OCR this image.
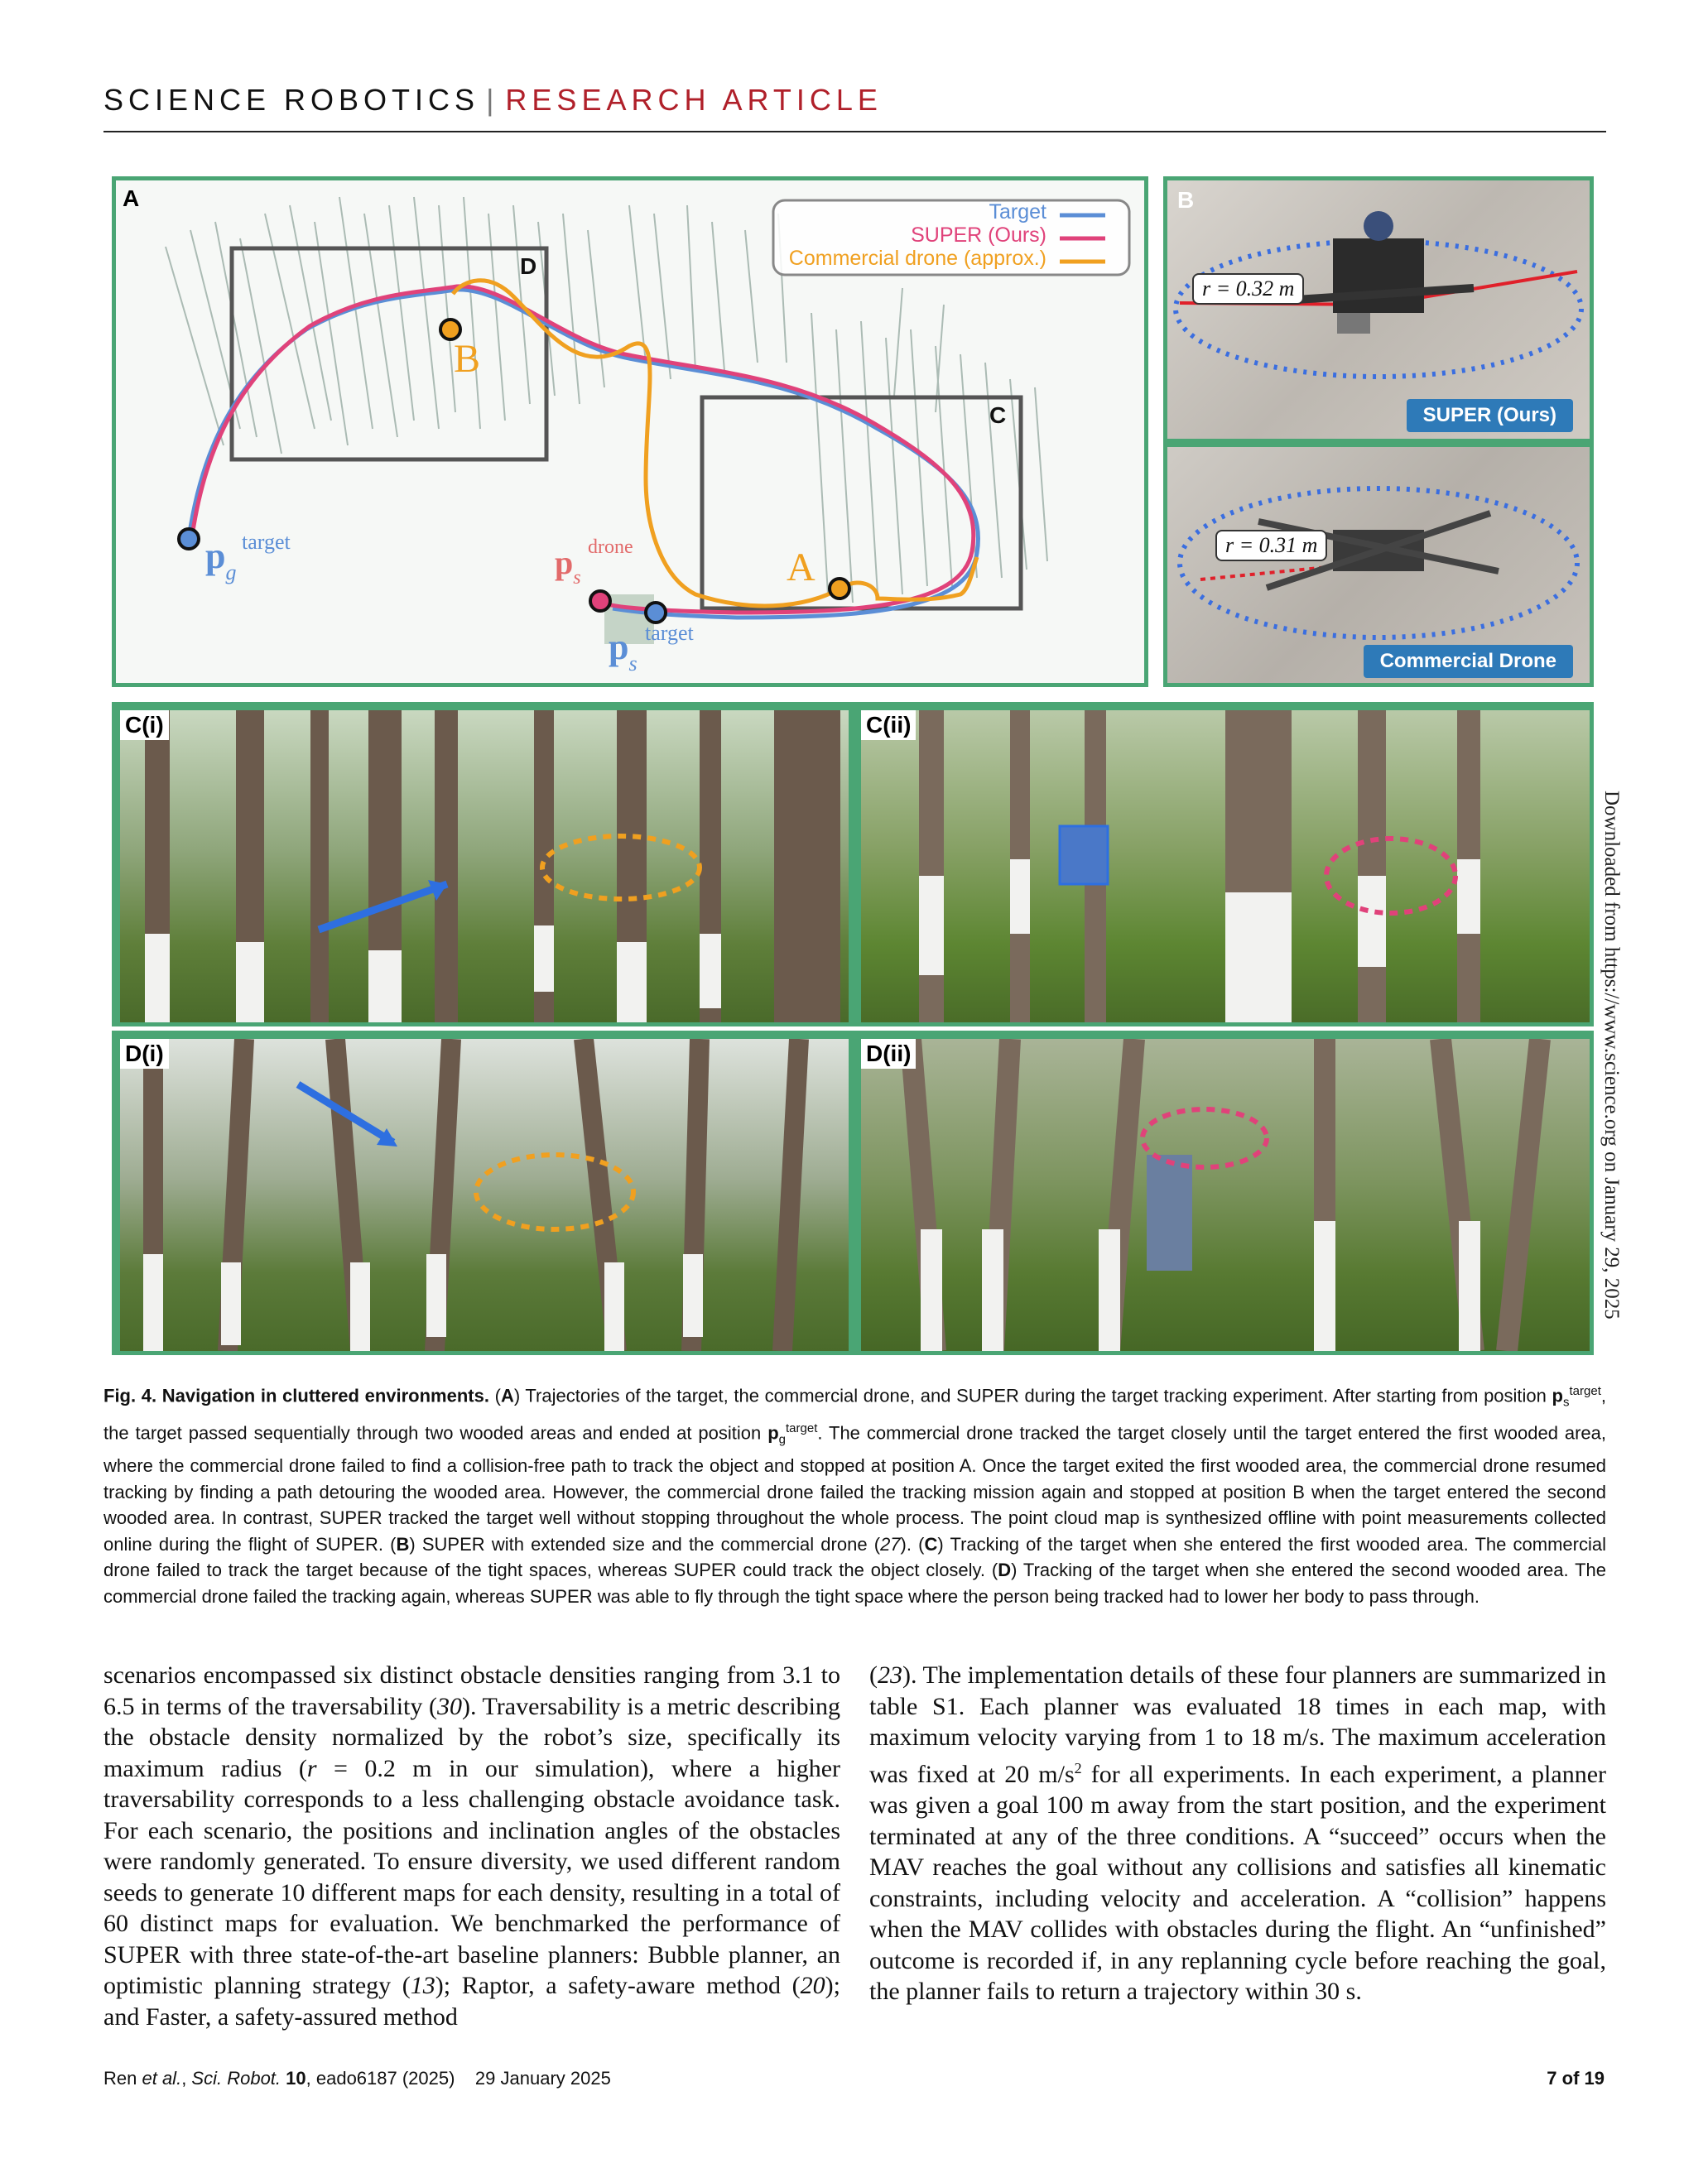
SCIENCE ROBOTICS | RESEARCH ARTICLE
A
Target
SUPER (Ours)
Commercial drone (approx.)
D
C
B
A
$p_g$
target
$p_s$
drone
$p_s$
target
B
r = 0.32 m
SUPER (Ours)
r = 0.31 m
Commercial Drone
C(i)	C(ii)
D(i)	D(ii)
Fig. 4. Navigation in cluttered environments. (A) Trajectories of the target, the commercial drone, and SUPER during the target tracking experiment. After starting from position $p_s^{target}$, the target passed sequentially through two wooded areas and ended at position $p_g^{target}$. The commercial drone tracked the target closely until the target entered the first wooded area, where the commercial drone failed to find a collision-free path to track the object and stopped at position A. Once the target exited the first wooded area, the commercial drone resumed tracking by finding a path detouring the wooded area. However, the commercial drone failed the tracking mission again and stopped at position B when the target entered the second wooded area. In contrast, SUPER tracked the target well without stopping throughout the whole process. The point cloud map is synthesized offline with point measurements collected online during the flight of SUPER. (B) SUPER with extended size and the commercial drone (27). (C) Tracking of the target when she entered the first wooded area. The commercial drone failed to track the target because of the tight spaces, whereas SUPER could track the object closely. (D) Tracking of the target when she entered the second wooded area. The commercial drone failed the tracking again, whereas SUPER was able to fly through the tight space where the person being tracked had to lower her body to pass through.
scenarios encompassed six distinct obstacle densities ranging from 3.1 to 6.5 in terms of the traversability (30). Traversability is a metric describing the obstacle density normalized by the robot’s size, specifically its maximum radius (r = 0.2 m in our simulation), where a higher traversability corresponds to a less challenging obstacle avoidance task. For each scenario, the positions and inclination angles of the obstacles were randomly generated. To ensure diversity, we used different random seeds to generate 10 different maps for each density, resulting in a total of 60 distinct maps for evaluation. We benchmarked the performance of SUPER with three state-of-the-art baseline planners: Bubble planner, an optimistic planning strategy (13); Raptor, a safety-aware method (20); and Faster, a safety-assured method
(23). The implementation details of these four planners are summarized in table S1. Each planner was evaluated 18 times in each map, with maximum velocity varying from 1 to 18 m/s. The maximum acceleration was fixed at 20 $m/s^2$ for all experiments. In each experiment, a planner was given a goal 100 m away from the start position, and the experiment terminated at any of the three conditions. A “succeed” occurs when the MAV reaches the goal without any collisions and satisfies all kinematic constraints, including velocity and acceleration. A “collision” happens when the MAV collides with obstacles during the flight. An “unfinished” outcome is recorded if, in any replanning cycle before reaching the goal, the planner fails to return a trajectory within 30 s.
Ren et al., Sci. Robot. 10, eado6187 (2025) 29 January 2025	7 of 19
Downloaded from https://www.science.org on January 29, 2025
